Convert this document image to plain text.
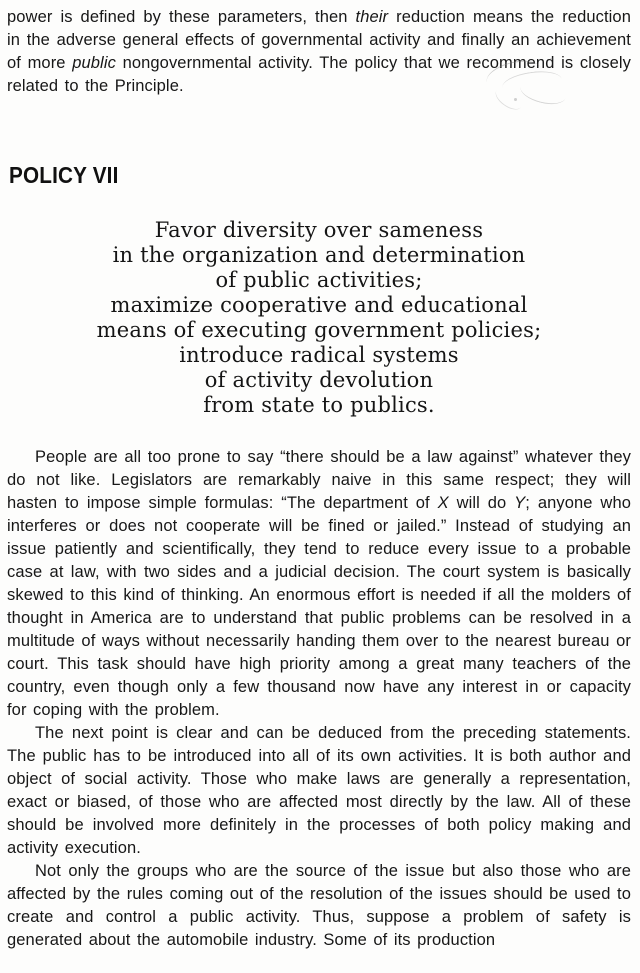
power is defined by these parameters, then their reduction means the reduction in the adverse general effects of governmental activity and finally an achievement of more public nongovernmental activity. The policy that we recommend is closely related to the Principle.

POLICY VII
Favor diversity over sameness
in the organization and determination
of public activities;
maximize cooperative and educational
means of executing government policies;
introduce radical systems
of activity devolution
from state to publics.

People are all too prone to say “there should be a law against” whatever they do not like. Legislators are remarkably naive in this same respect; they will hasten to impose simple formulas: “The department of X will do Y; anyone who interferes or does not cooperate will be fined or jailed.” Instead of studying an issue patiently and scientifically, they tend to reduce every issue to a probable case at law, with two sides and a judicial decision. The court system is basically skewed to this kind of thinking. An enormous effort is needed if all the molders of thought in America are to understand that public problems can be resolved in a multitude of ways without necessarily handing them over to the nearest bureau or court. This task should have high priority among a great many teachers of the country, even though only a few thousand now have any interest in or capacity for coping with the problem.

The next point is clear and can be deduced from the preceding statements. The public has to be introduced into all of its own activities. It is both author and object of social activity. Those who make laws are generally a representation, exact or biased, of those who are affected most directly by the law. All of these should be involved more definitely in the processes of both policy making and activity execution.

Not only the groups who are the source of the issue but also those who are affected by the rules coming out of the resolution of the issues should be used to create and control a public activity. Thus, suppose a problem of safety is generated about the automobile industry. Some of its production
